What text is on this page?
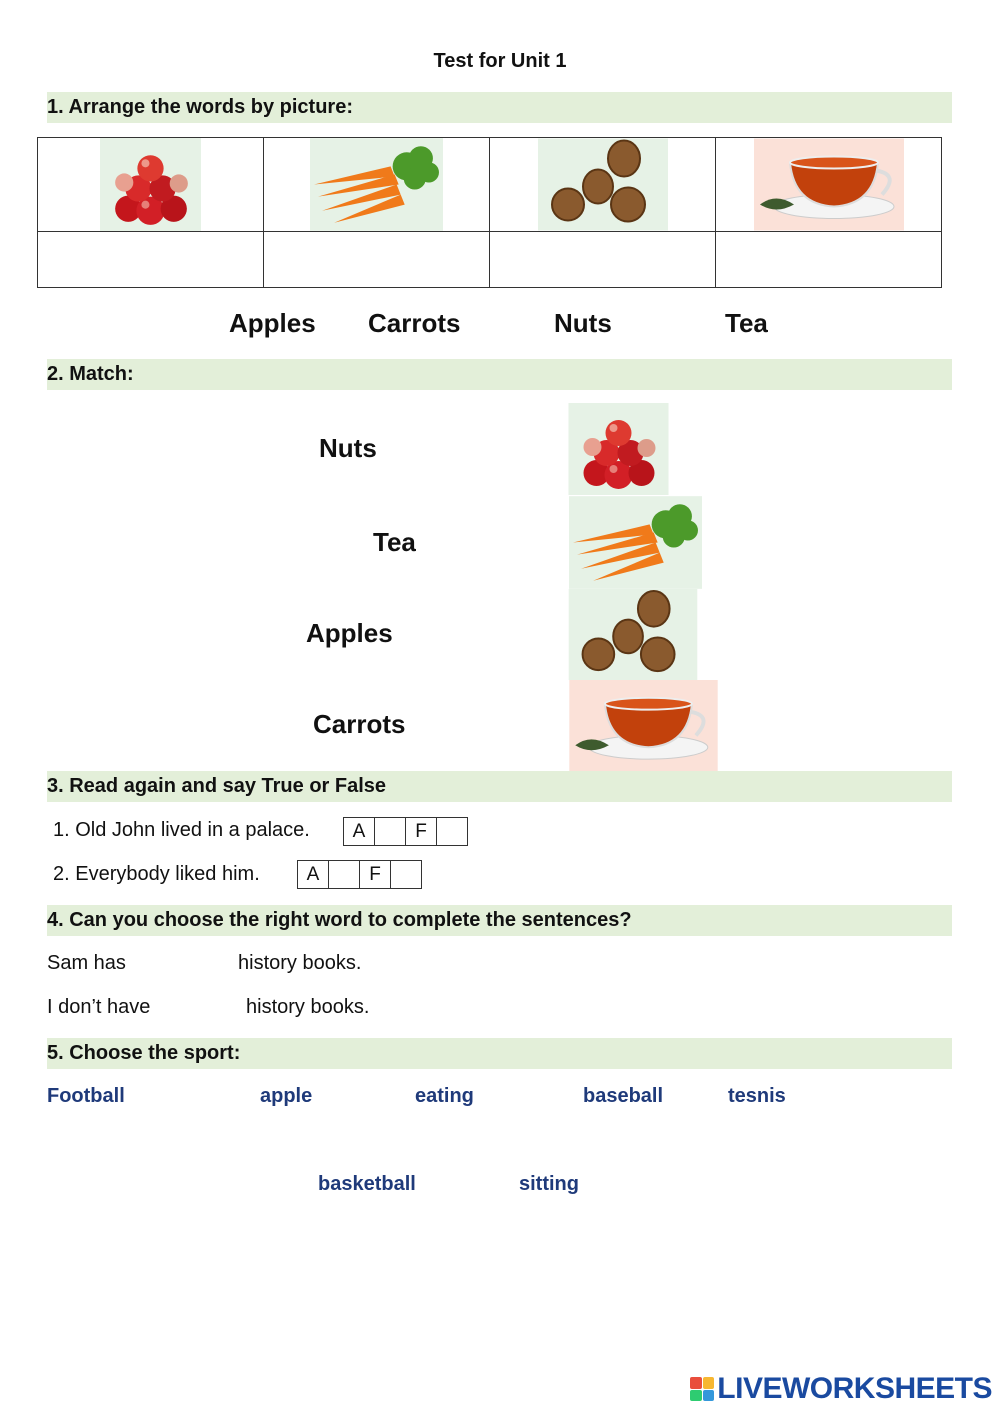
Test for Unit 1
1. Arrange the words by picture:

Apples Carrots	Nuts	Tea
2. Match:
Nuts
Tea
Apples
Carrots
3. Read again and say True or False
1. Old John lived in a palace.	A	F
2. Everybody liked him.	A	F
4. Can you choose the right word to complete the sentences?
Sam has	history books.
I don’t have	history books.
5. Choose the sport:
Football	apple	eating	baseball	tesnis
basketball	sitting
LIVEWORKSHEETS
